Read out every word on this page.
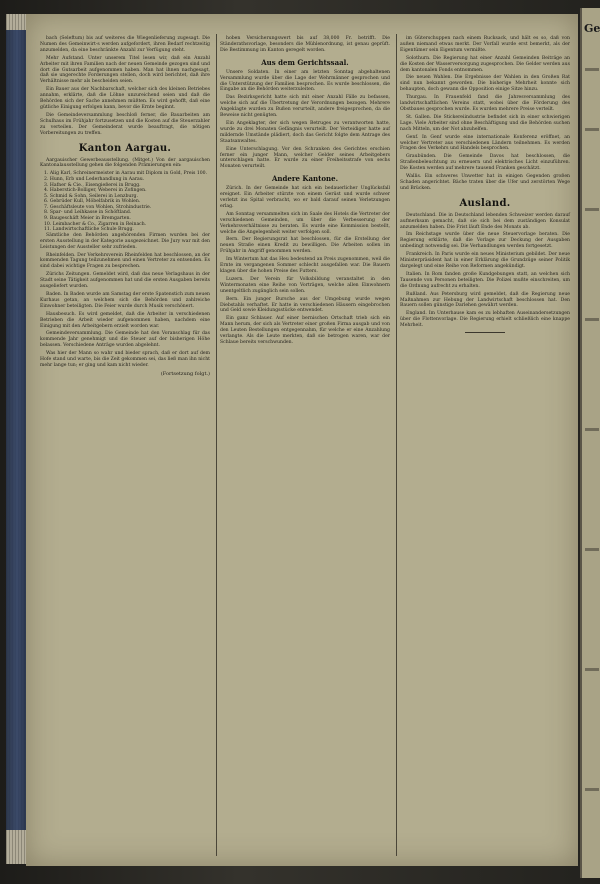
bach (Seleftum) bis auf weiteres die Wiegenlieferung zugesagt. Die Numen des Gemeinwirt-s werden aufgefordert, ihren Bedarf rechtzeitig anzumelden, da eine beschränkte Anzahl zur Verfügung steht.

Mehr Aufstand. Unter unserem Titel lesen wir, daß ein Anzahl Arbeiter mit ihren Familien nach der neuen Gemeinde gezogen sind und dort die Gutsarbeit aufgenommen haben. Man hat ihnen nachgesagt, daß sie ungerechte Forderungen stellen, doch wird berichtet, daß ihre Verhältnisse mehr als bescheiden seien.

Ein Bauer aus der Nachbarschaft, welcher sich des kleinen Betriebes annahm, erklärte, daß die Löhne unzureichend seien und daß die Behörden sich der Sache annehmen müßten. Es wird gehofft, daß eine gütliche Einigung erfolgen kann, bevor die Ernte beginnt.

Die Gemeindeversammlung beschloß ferner, die Bauarbeiten am Schulhaus im Frühjahr fortzusetzen und die Kosten auf die Steuerzahler zu verteilen. Der Gemeinderat wurde beauftragt, die nötigen Vorbereitungen zu treffen.

Kanton Aargau.

Aargauischer Gewerbeausstellung. (Mitget.) Von der aargauischen Kantonalausstellung gehen die folgenden Prämierungen ein:

1. Alig Karl, Schreinermeister in Aarau mit Diplom in Gold, Preis 100.
2. Hunn, Erb und Lederhandlung in Aarau.
3. Hafner & Cie., Eisengießerei in Brugg.
4. Haberstich-Bolliger, Weberei in Zofingen.
5. Schmid & Sohn, Seilerei in Lenzburg.
6. Gebrüder Kull, Möbelfabrik in Wohlen.
7. Geschäftsleute von Wohlen, Strohindustrie.
8. Spar- und Leihkasse in Schöftland.
9. Baugeschäft Meier in Bremgarten.
10. Leimbacher & Co., Zigarren in Reinach.
11. Landwirtschaftliche Schule Brugg.

Sämtliche den Behörden angehörenden Firmen wurden bei der ersten Ausstellung in der Kategorie ausgezeichnet. Die Jury war mit den Leistungen der Aussteller sehr zufrieden.

Rheinfelden. Der Verkehrsverein Rheinfelden hat beschlossen, an der kommenden Tagung teilzunehmen und einen Vertreter zu entsenden. Es sind dabei wichtige Fragen zu besprechen.

Zürichs Zeitungen. Gemeldet wird, daß das neue Verlagshaus in der Stadt seine Tätigkeit aufgenommen hat und die ersten Ausgaben bereits ausgeliefert wurden.

Baden. In Baden wurde am Samstag der erste Spatenstich zum neuen Kurhaus getan, an welchem sich die Behörden und zahlreiche Einwohner beteiligten. Die Feier wurde durch Musik verschönert.

Hausbesuch. Es wird gemeldet, daß die Arbeiter in verschiedenen Betrieben die Arbeit wieder aufgenommen haben, nachdem eine Einigung mit den Arbeitgebern erzielt worden war.

Gemeindeversammlung. Die Gemeinde hat den Voranschlag für das kommende Jahr genehmigt und die Steuer auf der bisherigen Höhe belassen. Verschiedene Anträge wurden abgelehnt.

Was hier der Mann so wahr und bieder sprach, daß er dort auf dem Hofe stand und warte, bis die Zeit gekommen sei, das ließ man ihn nicht mehr lange tun; er ging und kam nicht wieder.

(Fortsetzung folgt.)

hoben Versicherungswert bis auf 38,000 Fr. betrifft. Die Ständerathsvorlage, besonders die Mühlenordnung, ist genau geprüft. Die Bestimmung im Kanton geregelt worden.

Aus dem Gerichtssaal.

Unsere Soldaten. In einer am letzten Sonntag abgehaltenen Versammlung wurde über die Lage der Wehrmänner gesprochen und die Unterstützung der Familien besprochen. Es wurde beschlossen, die Eingabe an die Behörden weiterzuleiten.

Das Bezirksgericht hatte sich mit einer Anzahl Fälle zu befassen, welche sich auf die Übertretung der Verordnungen bezogen. Mehrere Angeklagte wurden zu Bußen verurteilt, andere freigesprochen, da die Beweise nicht genügten.

Ein Angeklagter, der sich wegen Betruges zu verantworten hatte, wurde zu drei Monaten Gefängnis verurteilt. Der Verteidiger hatte auf mildernde Umstände plädiert, doch das Gericht folgte dem Antrage des Staatsanwaltes.

Eine Unterschlagung. Vor den Schranken des Gerichtes erschien ferner ein junger Mann, welcher Gelder seines Arbeitgebers unterschlagen hatte. Er wurde zu einer Freiheitsstrafe von sechs Monaten verurteilt.

Andere Kantone.

Zürich. In der Gemeinde hat sich ein bedauerlicher Unglücksfall ereignet. Ein Arbeiter stürzte von einem Gerüst und wurde schwer verletzt ins Spital verbracht, wo er bald darauf seinen Verletzungen erlag.

Am Sonntag versammelten sich im Saale des Hotels die Vertreter der verschiedenen Gemeinden, um über die Verbesserung der Verkehrsverhältnisse zu beraten. Es wurde eine Kommission bestellt, welche die Angelegenheit weiter verfolgen soll.

Bern. Der Regierungsrat hat beschlossen, für die Erstellung der neuen Straße einen Kredit zu bewilligen. Die Arbeiten sollen im Frühjahr in Angriff genommen werden.

Im Wintertum hat das Heu bedeutend an Preis zugenommen, weil die Ernte im vergangenen Sommer schlecht ausgefallen war. Die Bauern klagen über die hohen Preise des Futters.

Luzern. Der Verein für Volksbildung veranstaltet in den Wintermonaten eine Reihe von Vorträgen, welche allen Einwohnern unentgeltlich zugänglich sein sollen.

Bern. Ein junger Bursche aus der Umgebung wurde wegen Diebstahls verhaftet. Er hatte in verschiedenen Häusern eingebrochen und Geld sowie Kleidungsstücke entwendet.

Ein ganz Schlauer. Auf einer bernischen Ortschaft trieb sich ein Mann herum, der sich als Vertreter einer großen Firma ausgab und von den Leuten Bestellungen entgegennahm, für welche er eine Anzahlung verlangte. Als die Leute merkten, daß sie betrogen waren, war der Schlaue bereits verschwunden.

im Güterschuppen nach einem Rucksack, und hält es so, daß von außen niemand etwas merkt. Der Vorfall wurde erst bemerkt, als der Eigentümer sein Eigentum vermißte.

Solothurn. Die Regierung hat einer Anzahl Gemeinden Beiträge an die Kosten der Wasserversorgung zugesprochen. Die Gelder werden aus dem kantonalen Fonds entnommen.

Die neuen Wahlen. Die Ergebnisse der Wahlen in den Großen Rat sind nun bekannt geworden. Die bisherige Mehrheit konnte sich behaupten, doch gewann die Opposition einige Sitze hinzu.

Thurgau. In Frauenfeld fand die Jahresversammlung des landwirtschaftlichen Vereins statt, wobei über die Förderung des Obstbaues gesprochen wurde. Es wurden mehrere Preise verteilt.

St. Gallen. Die Stickereiindustrie befindet sich in einer schwierigen Lage. Viele Arbeiter sind ohne Beschäftigung und die Behörden suchen nach Mitteln, um der Not abzuhelfen.

Genf. In Genf wurde eine internationale Konferenz eröffnet, an welcher Vertreter aus verschiedenen Ländern teilnehmen. Es werden Fragen des Verkehrs und Handels besprochen.

Graubünden. Die Gemeinde Davos hat beschlossen, die Straßenbeleuchtung zu erneuern und elektrisches Licht einzuführen. Die Kosten werden auf mehrere tausend Franken geschätzt.

Wallis. Ein schweres Unwetter hat in einigen Gegenden großen Schaden angerichtet. Bäche traten über die Ufer und zerstörten Wege und Brücken.

Ausland.

Deutschland. Die in Deutschland lebenden Schweizer werden darauf aufmerksam gemacht, daß sie sich bei dem zuständigen Konsulat anzumelden haben. Die Frist läuft Ende des Monats ab.

Im Reichstage wurde über die neue Steuervorlage beraten. Die Regierung erklärte, daß die Vorlage zur Deckung der Ausgaben unbedingt notwendig sei. Die Verhandlungen werden fortgesetzt.

Frankreich. In Paris wurde ein neues Ministerium gebildet. Der neue Ministerpräsident hat in einer Erklärung die Grundzüge seiner Politik dargelegt und eine Reihe von Reformen angekündigt.

Italien. In Rom fanden große Kundgebungen statt, an welchen sich Tausende von Personen beteiligten. Die Polizei mußte einschreiten, um die Ordnung aufrecht zu erhalten.

Rußland. Aus Petersburg wird gemeldet, daß die Regierung neue Maßnahmen zur Hebung der Landwirtschaft beschlossen hat. Den Bauern sollen günstige Darlehen gewährt werden.

England. Im Unterhause kam es zu lebhaften Auseinandersetzungen über die Flottenvorlage. Die Regierung erhielt schließlich eine knappe Mehrheit.

Ge
